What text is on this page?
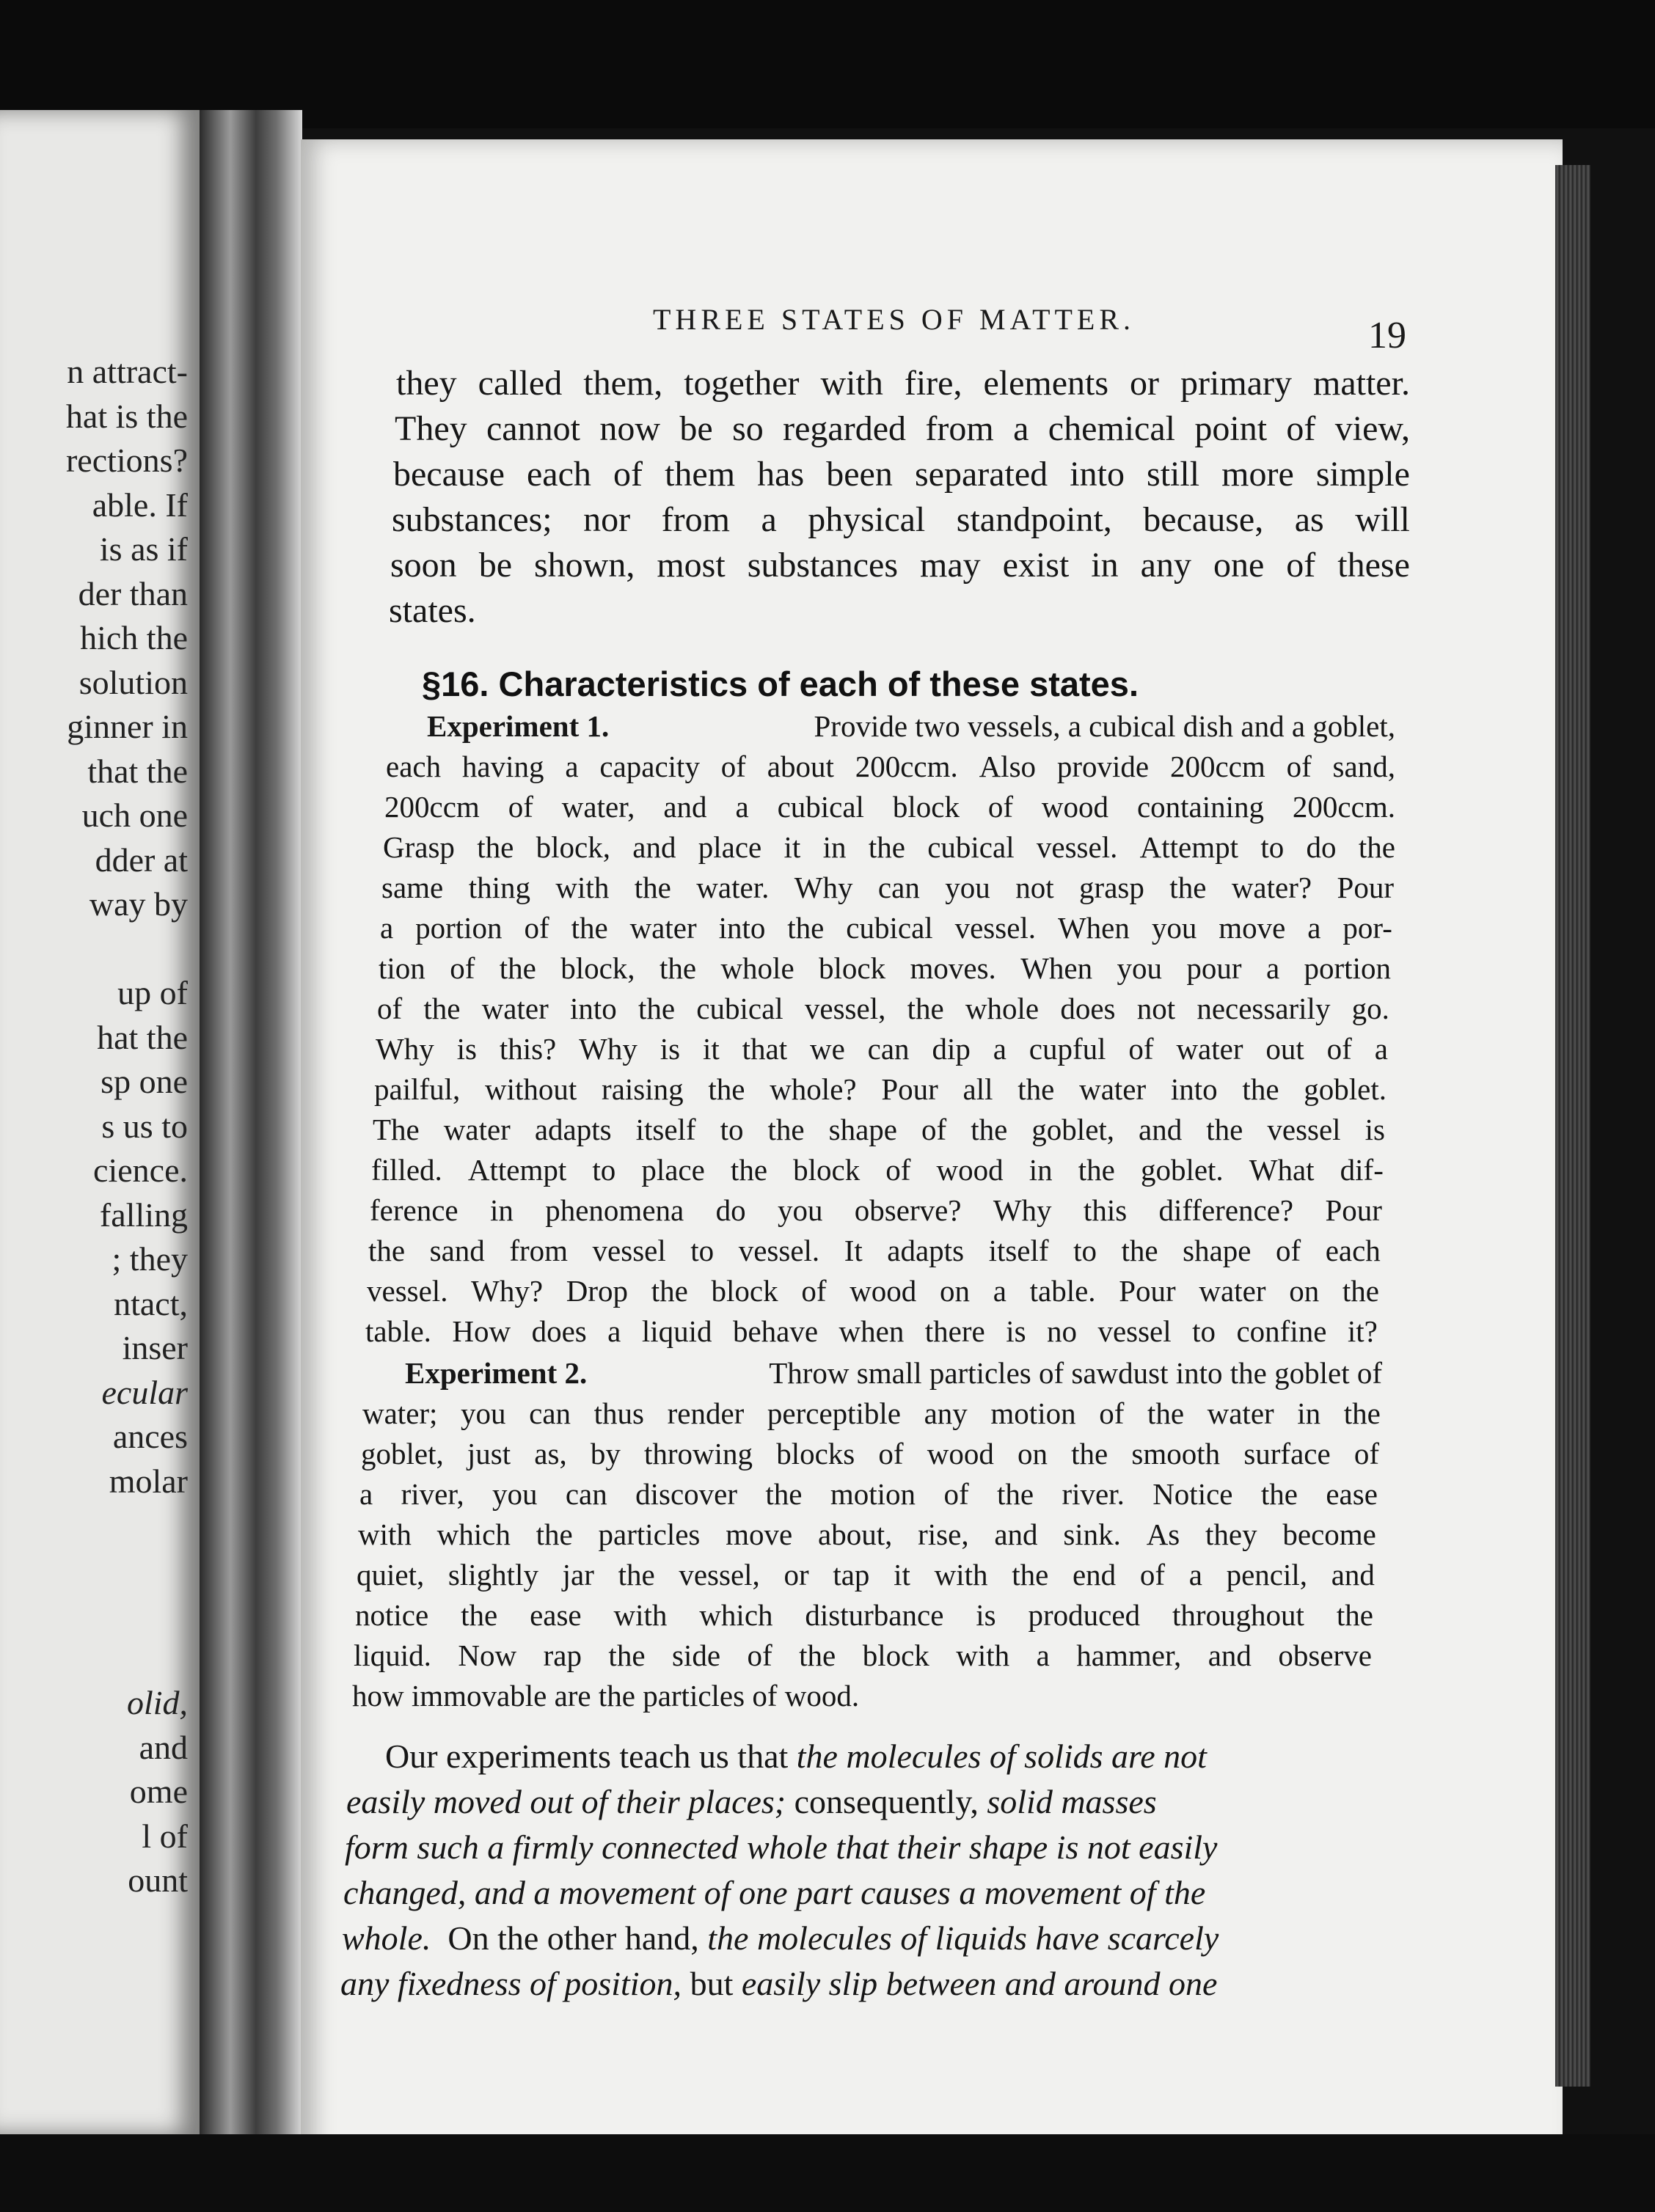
n attract-
hat is the
rections?
able. If
is as if
der than
hich the
solution
ginner in
that the
uch one
dder at
way by
up of
hat the
sp one
s us to
cience.
falling
; they
ntact,
inser
ecular
ances
molar
olid,
and
ome
l of
ount
THREE STATES OF MATTER.	19
they called them, together with fire, elements or primary matter.
They cannot now be so regarded from a chemical point of view,
because each of them has been separated into still more simple
substances; nor from a physical standpoint, because, as will
soon be shown, most substances may exist in any one of these
states.
§16. Characteristics of each of these states.
Experiment 1.	Provide two vessels, a cubical dish and a goblet,
each having a capacity of about 200ccm. Also provide 200ccm of sand,
200ccm of water, and a cubical block of wood containing 200ccm.
Grasp the block, and place it in the cubical vessel. Attempt to do the
same thing with the water. Why can you not grasp the water? Pour
a portion of the water into the cubical vessel. When you move a por-
tion of the block, the whole block moves. When you pour a portion
of the water into the cubical vessel, the whole does not necessarily go.
Why is this? Why is it that we can dip a cupful of water out of a
pailful, without raising the whole? Pour all the water into the goblet.
The water adapts itself to the shape of the goblet, and the vessel is
filled. Attempt to place the block of wood in the goblet. What dif-
ference in phenomena do you observe? Why this difference? Pour
the sand from vessel to vessel. It adapts itself to the shape of each
vessel. Why? Drop the block of wood on a table. Pour water on the
table. How does a liquid behave when there is no vessel to confine it?
Experiment 2.	Throw small particles of sawdust into the goblet of
water; you can thus render perceptible any motion of the water in the
goblet, just as, by throwing blocks of wood on the smooth surface of
a river, you can discover the motion of the river. Notice the ease
with which the particles move about, rise, and sink. As they become
quiet, slightly jar the vessel, or tap it with the end of a pencil, and
notice the ease with which disturbance is produced throughout the
liquid. Now rap the side of the block with a hammer, and observe
how immovable are the particles of wood.
Our experiments teach us that the molecules of solids are not
easily moved out of their places; consequently, solid masses
form such a firmly connected whole that their shape is not easily
changed, and a movement of one part causes a movement of the
whole. On the other hand, the molecules of liquids have scarcely
any fixedness of position, but easily slip between and around one
